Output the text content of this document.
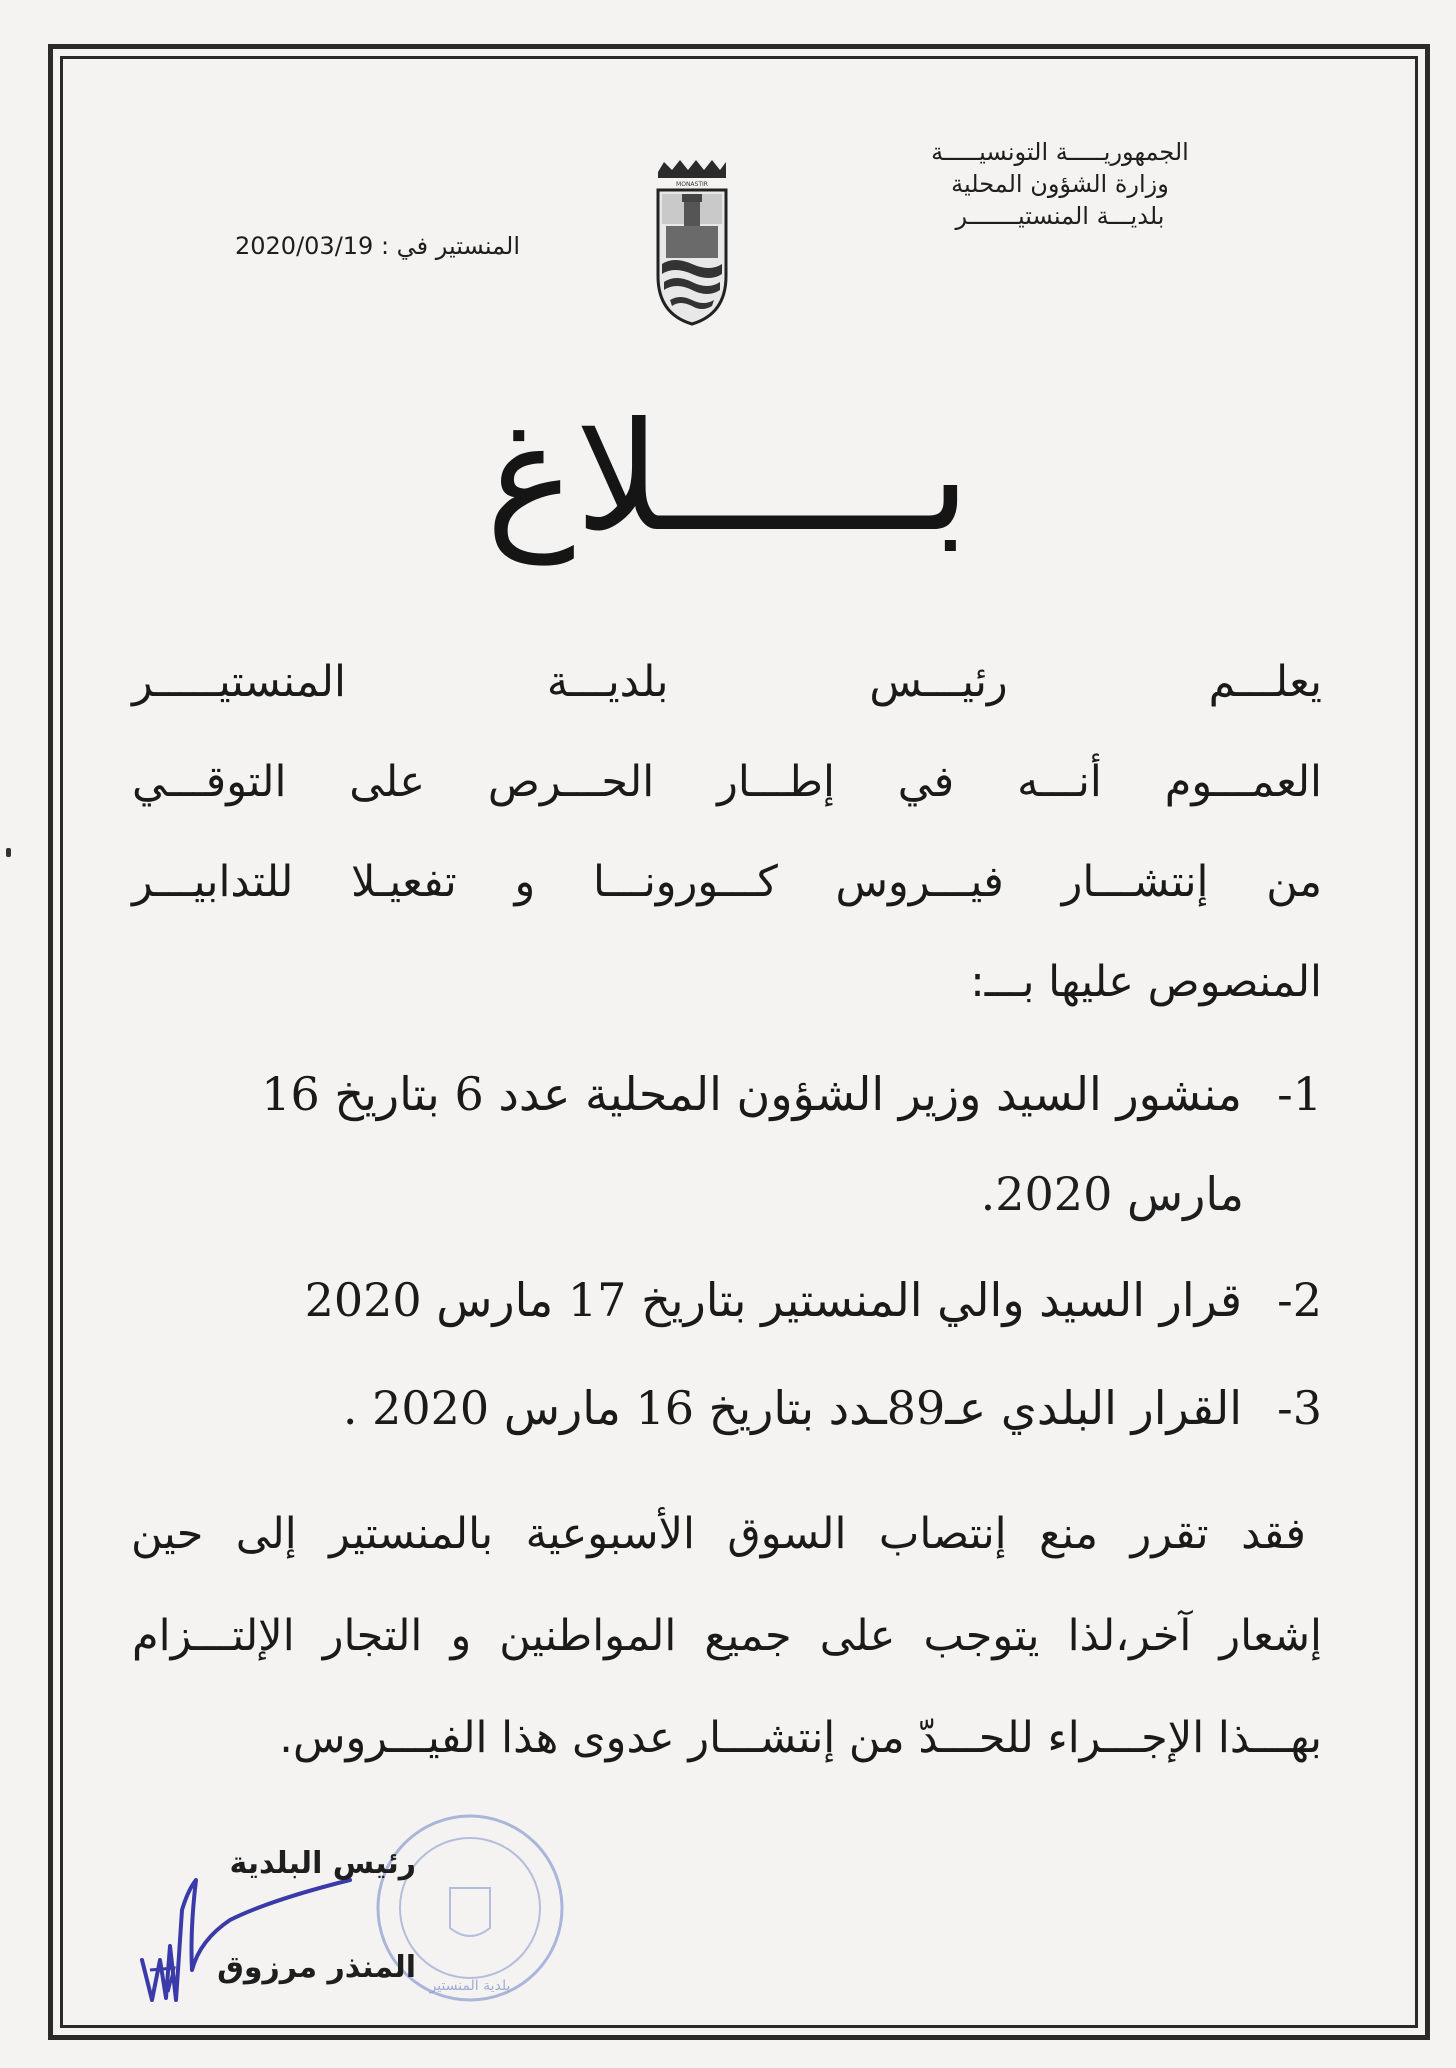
الجمهوريـــــة التونسيـــــة
وزارة الشؤون المحلية
بلديـــة المنستيـــــــر
MONASTIR
المنستير في : 2020/03/19
بــــــلاغ
يعلـــم رئيـــس بلديـــة المنستيـــــر
العمـــوم أنـــه في إطـــار الحـــرص على التوقـــي
من إنتشـــار فيـــروس كـــورونـــا و تفعيـلا للتدابيـــر
المنصوص عليها بـــ:
1-منشور السيد وزير الشؤون المحلية عدد 6 بتاريخ 16
مارس 2020.
2-قرار السيد والي المنستير بتاريخ 17 مارس 2020
3-القرار البلدي عـ89ـدد بتاريخ 16 مارس 2020 .
فقد تقرر منع إنتصاب السوق الأسبوعية بالمنستير إلى حين
إشعار آخر،لذا يتوجب على جميع المواطنين و التجار الإلتـــزام
بهـــذا الإجـــراء للحـــدّ من إنتشـــار عدوى هذا الفيـــروس.
بلدية المنستير
رئيس البلدية
المنذر مرزوق
